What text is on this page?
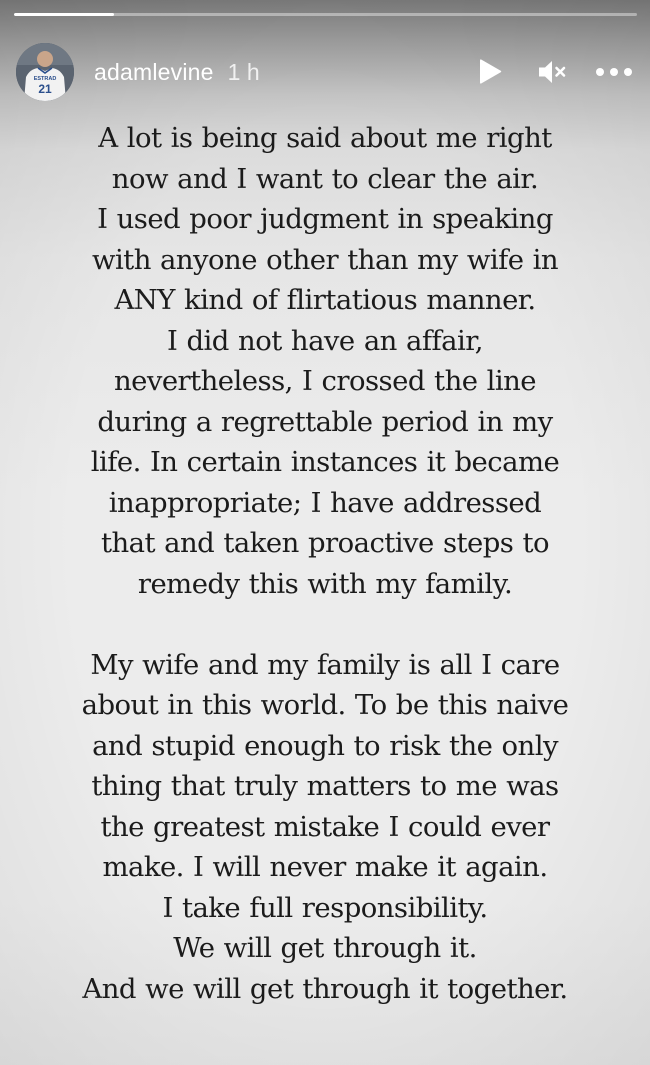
ESTRAD
21
adamlevine 1 h

A lot is being said about me right
now and I want to clear the air.
I used poor judgment in speaking
with anyone other than my wife in
ANY kind of flirtatious manner.
I did not have an affair,
nevertheless, I crossed the line
during a regrettable period in my
life. In certain instances it became
inappropriate; I have addressed
that and taken proactive steps to
remedy this with my family.

My wife and my family is all I care
about in this world. To be this naive
and stupid enough to risk the only
thing that truly matters to me was
the greatest mistake I could ever
make. I will never make it again.
I take full responsibility.
We will get through it.
And we will get through it together.
